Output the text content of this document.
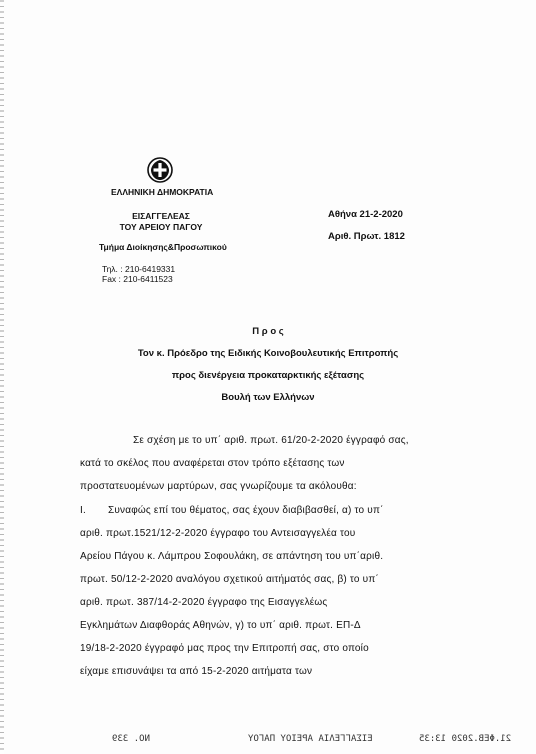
ΕΛΛΗΝΙΚΗ ΔΗΜΟΚΡΑΤΙΑ
ΕΙΣΑΓΓΕΛΕΑΣ
ΤΟΥ ΑΡΕΙΟΥ ΠΑΓΟΥ
Τμήμα Διοίκησης&Προσωπικού
Τηλ. : 210-6419331
Fax : 210-6411523
Αθήνα 21-2-2020
Αριθ. Πρωτ. 1812
Π ρ ο ς
Τον κ. Πρόεδρο της Ειδικής Κοινοβουλευτικής Επιτροπής
προς διενέργεια προκαταρκτικής εξέτασης
Βουλή των Ελλήνων
Σε σχέση με το υπ΄ αριθ. πρωτ. 61/20-2-2020 έγγραφό σας,
κατά το σκέλος που αναφέρεται στον τρόπο εξέτασης των
προστατευομένων μαρτύρων, σας γνωρίζουμε τα ακόλουθα:
I. Συναφώς επί του θέματος, σας έχουν διαβιβασθεί, α) το υπ΄
αριθ. πρωτ.1521/12-2-2020 έγγραφο του Αντεισαγγελέα του
Αρείου Πάγου κ. Λάμπρου Σοφουλάκη, σε απάντηση του υπ΄αριθ.
πρωτ. 50/12-2-2020 αναλόγου σχετικού αιτήματός σας, β) το υπ΄
αριθ. πρωτ. 387/14-2-2020 έγγραφο της Εισαγγελέως
Εγκλημάτων Διαφθοράς Αθηνών, γ) το υπ΄ αριθ. πρωτ. ΕΠ-Δ
19/18-2-2020 έγγραφό μας προς την Επιτροπή σας, στο οποίο
είχαμε επισυνάψει τα από 15-2-2020 αιτήματα των
ΝΟ. 339	ΕΙΣΑΓΓΕΛΙΑ ΑΡΕΙΟΥ ΠΑΓΟΥ	21.ΦΕΒ.2020 13:35
